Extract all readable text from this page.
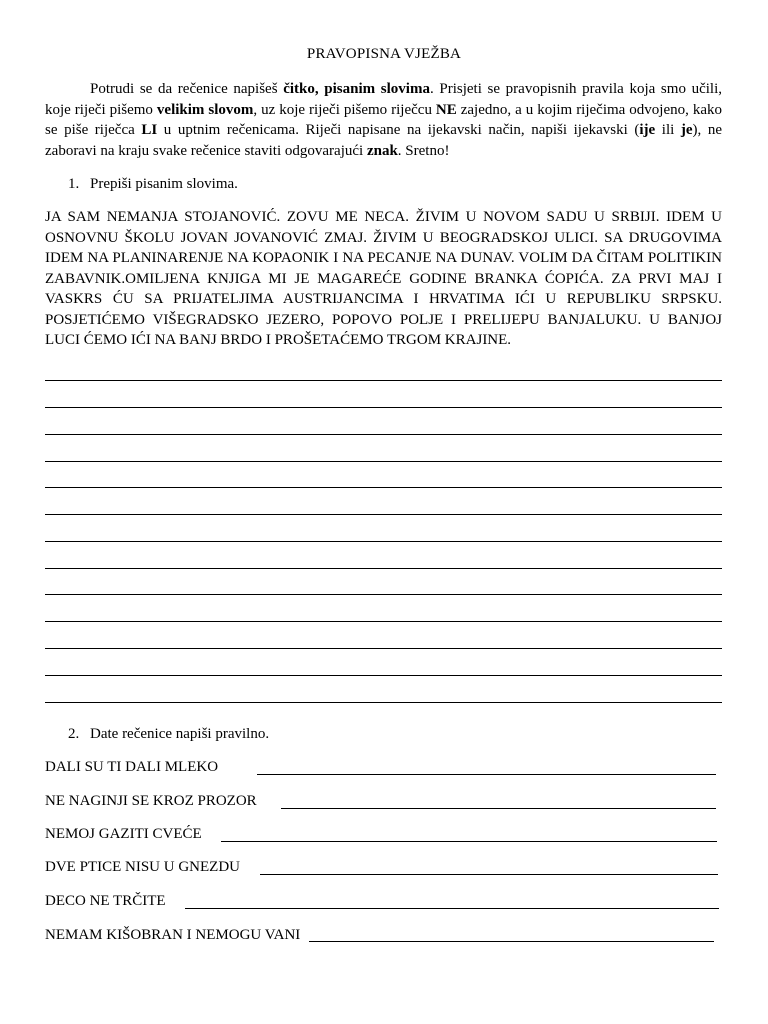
PRAVOPISNA VJEŽBA

Potrudi se da rečenice napišeš čitko, pisanim slovima. Prisjeti se pravopisnih pravila koja smo učili, koje riječi pišemo velikim slovom, uz koje riječi pišemo riječcu NE zajedno, a u kojim riječima odvojeno, kako se piše riječca LI u uptnim rečenicama. Riječi napisane na ijekavski način, napiši ijekavski (ije ili je), ne zaboravi na kraju svake rečenice staviti odgovarajući znak. Sretno!

1. Prepiši pisanim slovima.

JA SAM NEMANJA STOJANOVIĆ. ZOVU ME NECA. ŽIVIM U NOVOM SADU U SRBIJI. IDEM U OSNOVNU ŠKOLU JOVAN JOVANOVIĆ ZMAJ. ŽIVIM U BEOGRADSKOJ ULICI. SA DRUGOVIMA IDEM NA PLANINARENJE NA KOPAONIK I NA PECANJE NA DUNAV. VOLIM DA ČITAM POLITIKIN ZABAVNIK.OMILJENA KNJIGA MI JE MAGAREĆE GODINE BRANKA ĆOPIĆA. ZA PRVI MAJ I VASKRS ĆU SA PRIJATELJIMA AUSTRIJANCIMA I HRVATIMA IĆI U REPUBLIKU SRPSKU. POSJETIĆEMO VIŠEGRADSKO JEZERO, POPOVO POLJE I PRELIJEPU BANJALUKU. U BANJOJ LUCI ĆEMO IĆI NA BANJ BRDO I PROŠETAĆEMO TRGOM KRAJINE.

2. Date rečenice napiši pravilno.
DALI SU TI DALI MLEKO
NE NAGINJI SE KROZ PROZOR
NEMOJ GAZITI CVEĆE
DVE PTICE NISU U GNEZDU
DECO NE TRČITE
NEMAM KIŠOBRAN I NEMOGU VANI
